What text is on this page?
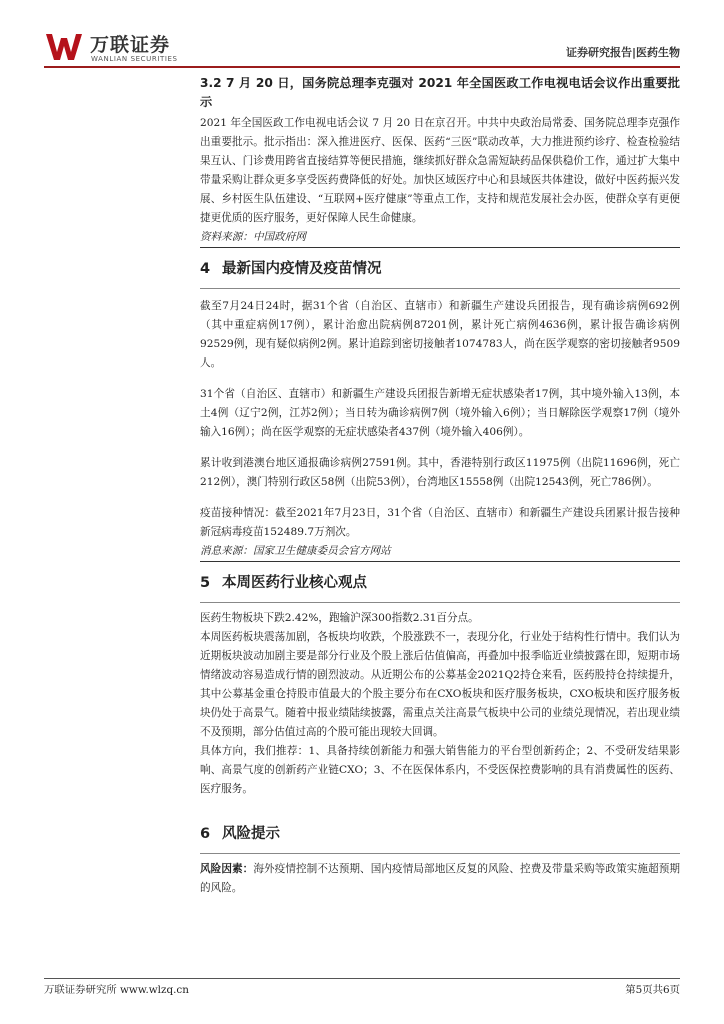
万联证券
WANLIAN SECURITIES	证券研究报告|医药生物

3.2 7 月 20 日，国务院总理李克强对 2021 年全国医政工作电视电话会议作出重要批示

2021 年全国医政工作电视电话会议 7 月 20 日在京召开。中共中央政治局常委、国务院总理李克强作出重要批示。批示指出：深入推进医疗、医保、医药“三医”联动改革，大力推进预约诊疗、检查检验结果互认、门诊费用跨省直接结算等便民措施，继续抓好群众急需短缺药品保供稳价工作，通过扩大集中带量采购让群众更多享受医药费降低的好处。加快区域医疗中心和县域医共体建设，做好中医药振兴发展、乡村医生队伍建设、“互联网+医疗健康”等重点工作，支持和规范发展社会办医，使群众享有更便捷更优质的医疗服务，更好保障人民生命健康。

资料来源：中国政府网

4 最新国内疫情及疫苗情况

截至7月24日24时，据31个省（自治区、直辖市）和新疆生产建设兵团报告，现有确诊病例692例（其中重症病例17例），累计治愈出院病例87201例，累计死亡病例4636例，累计报告确诊病例92529例，现有疑似病例2例。累计追踪到密切接触者1074783人，尚在医学观察的密切接触者9509人。

31个省（自治区、直辖市）和新疆生产建设兵团报告新增无症状感染者17例，其中境外输入13例，本土4例（辽宁2例，江苏2例）；当日转为确诊病例7例（境外输入6例）；当日解除医学观察17例（境外输入16例）；尚在医学观察的无症状感染者437例（境外输入406例）。

累计收到港澳台地区通报确诊病例27591例。其中，香港特别行政区11975例（出院11696例，死亡212例），澳门特别行政区58例（出院53例），台湾地区15558例（出院12543例，死亡786例）。

疫苗接种情况：截至2021年7月23日，31个省（自治区、直辖市）和新疆生产建设兵团累计报告接种新冠病毒疫苗152489.7万剂次。

消息来源：国家卫生健康委员会官方网站

5 本周医药行业核心观点

医药生物板块下跌2.42%，跑输沪深300指数2.31百分点。

本周医药板块震荡加剧，各板块均收跌，个股涨跌不一，表现分化，行业处于结构性行情中。我们认为近期板块波动加剧主要是部分行业及个股上涨后估值偏高，再叠加中报季临近业绩披露在即，短期市场情绪波动容易造成行情的剧烈波动。从近期公布的公募基金2021Q2持仓来看，医药股持仓持续提升，其中公募基金重仓持股市值最大的个股主要分布在CXO板块和医疗服务板块，CXO板块和医疗服务板块仍处于高景气。随着中报业绩陆续披露，需重点关注高景气板块中公司的业绩兑现情况，若出现业绩不及预期，部分估值过高的个股可能出现较大回调。

具体方向，我们推荐：1、具备持续创新能力和强大销售能力的平台型创新药企；2、不受研发结果影响、高景气度的创新药产业链CXO；3、不在医保体系内，不受医保控费影响的具有消费属性的医药、医疗服务。

6 风险提示

风险因素：海外疫情控制不达预期、国内疫情局部地区反复的风险、控费及带量采购等政策实施超预期的风险。

万联证券研究所 www.wlzq.cn	第5页共6页
